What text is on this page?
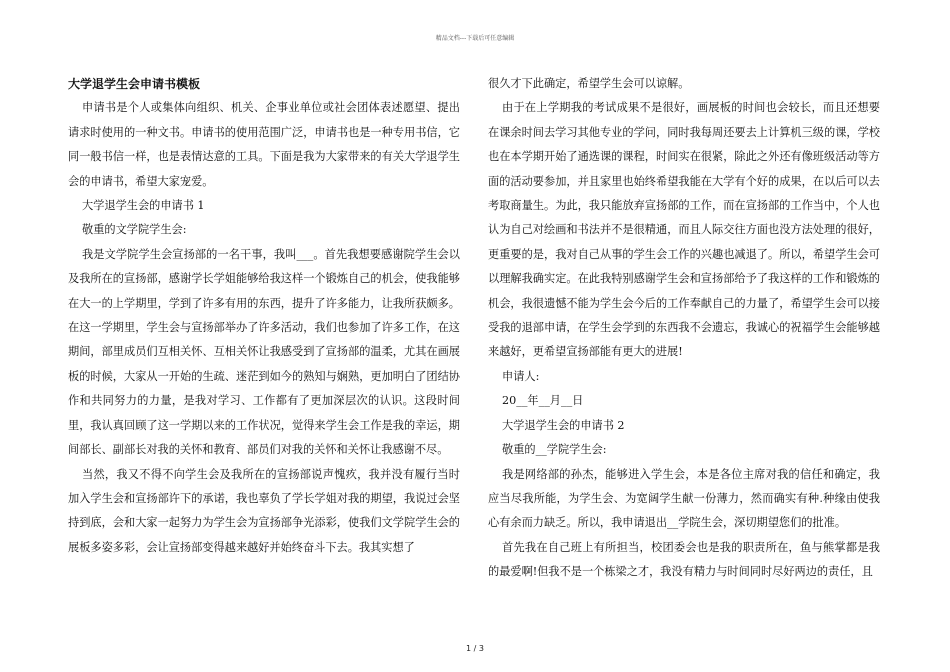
精品文档---下载后可任意编辑

大学退学生会申请书模板

申请书是个人或集体向组织、机关、企事业单位或社会团体表述愿望、提出请求时使用的一种文书。申请书的使用范围广泛，申请书也是一种专用书信，它同一般书信一样，也是表情达意的工具。下面是我为大家带来的有关大学退学生会的申请书，希望大家宠爱。

大学退学生会的申请书 1

敬重的文学院学生会:

我是文学院学生会宣扬部的一名干事，我叫___。首先我想要感谢院学生会以及我所在的宣扬部，感谢学长学姐能够给我这样一个锻炼自己的机会，使我能够在大一的上学期里，学到了许多有用的东西，提升了许多能力，让我所获颇多。在这一学期里，学生会与宣扬部举办了许多活动，我们也参加了许多工作，在这期间，部里成员们互相关怀、互相关怀让我感受到了宣扬部的温柔，尤其在画展板的时候，大家从一开始的生疏、迷茫到如今的熟知与娴熟，更加明白了团结协作和共同努力的力量，是我对学习、工作都有了更加深层次的认识。这段时间里，我认真回顾了这一学期以来的工作状况，觉得来学生会工作是我的幸运，期间部长、副部长对我的关怀和教育、部员们对我的关怀和关怀让我感谢不尽。

当然，我又不得不向学生会及我所在的宣扬部说声愧疚，我并没有履行当时加入学生会和宣扬部许下的承诺，我也辜负了学长学姐对我的期望，我说过会坚持到底，会和大家一起努力为学生会为宣扬部争光添彩，使我们文学院学生会的展板多姿多彩，会让宣扬部变得越来越好并始终奋斗下去。我其实想了

很久才下此确定，希望学生会可以谅解。

由于在上学期我的考试成果不是很好，画展板的时间也会较长，而且还想要在课余时间去学习其他专业的学问，同时我每周还要去上计算机三级的课，学校也在本学期开始了通选课的课程，时间实在很紧，除此之外还有像班级活动等方面的活动要参加，并且家里也始终希望我能在大学有个好的成果，在以后可以去考取商量生。为此，我只能放弃宣扬部的工作，而在宣扬部的工作当中，个人也认为自己对绘画和书法并不是很精通，而且人际交往方面也没方法处理的很好，更重要的是，我对自己从事的学生会工作的兴趣也减退了。所以，希望学生会可以理解我确实定。在此我特别感谢学生会和宣扬部给予了我这样的工作和锻炼的机会，我很遗憾不能为学生会今后的工作奉献自己的力量了，希望学生会可以接受我的退部申请，在学生会学到的东西我不会遗忘，我诚心的祝福学生会能够越来越好，更希望宣扬部能有更大的进展!

申请人:

20__年__月__日

大学退学生会的申请书 2

敬重的__学院学生会:

我是网络部的孙杰，能够进入学生会，本是各位主席对我的信任和确定，我应当尽我所能，为学生会、为宽阔学生献一份薄力，然而确实有种.种缘由使我心有余而力缺乏。所以，我申请退出__学院生会，深切期望您们的批准。

首先我在自己班上有所担当，校团委会也是我的职责所在，鱼与熊掌都是我的最爱啊!但我不是一个栋梁之才，我没有精力与时间同时尽好两边的责任，且

1 / 3
